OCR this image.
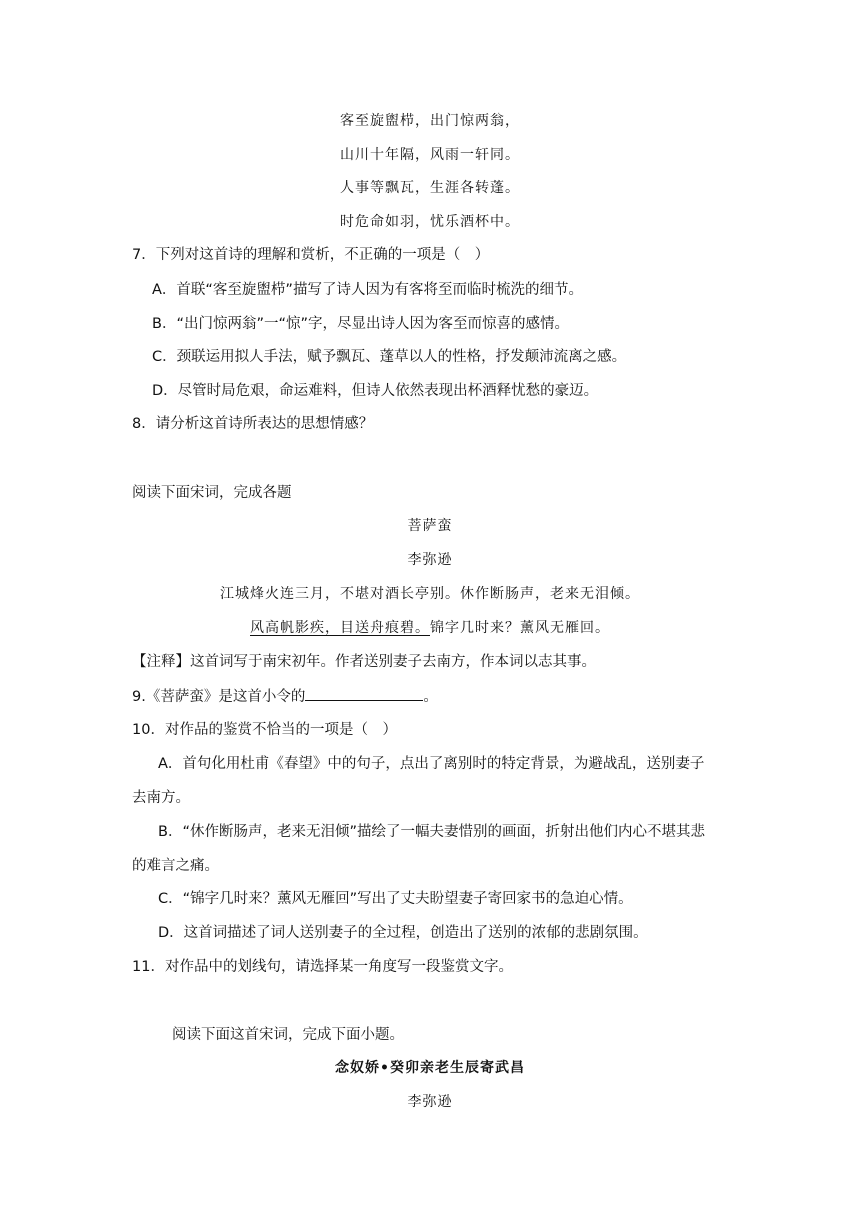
客至旋盥栉，出门惊两翁，
山川十年隔，风雨一轩同。
人事等飘瓦，生涯各转蓬。
时危命如羽，忧乐酒杯中。
7．下列对这首诗的理解和赏析，不正确的一项是（　）
A．首联“客至旋盥栉”描写了诗人因为有客将至而临时梳洗的细节。
B．“出门惊两翁”一“惊”字，尽显出诗人因为客至而惊喜的感情。
C．颈联运用拟人手法，赋予飘瓦、蓬草以人的性格，抒发颠沛流离之感。
D．尽管时局危艰，命运难料，但诗人依然表现出杯酒释忧愁的豪迈。
8．请分析这首诗所表达的思想情感？
阅读下面宋词，完成各题
菩萨蛮
李弥逊
江城烽火连三月，不堪对酒长亭别。休作断肠声，老来无泪倾。
风高帆影疾，目送舟痕碧。锦字几时来？薰风无雁回。
【注释】这首词写于南宋初年。作者送别妻子去南方，作本词以志其事。
9.《菩萨蛮》是这首小令的	。
10．对作品的鉴赏不恰当的一项是（　）
A．首句化用杜甫《春望》中的句子，点出了离别时的特定背景，为避战乱，送别妻子
去南方。
B．“休作断肠声，老来无泪倾”描绘了一幅夫妻惜别的画面，折射出他们内心不堪其悲
的难言之痛。
C．“锦字几时来？薰风无雁回”写出了丈夫盼望妻子寄回家书的急迫心情。
D．这首词描述了词人送别妻子的全过程，创造出了送别的浓郁的悲剧氛围。
11．对作品中的划线句，请选择某一角度写一段鉴赏文字。
阅读下面这首宋词，完成下面小题。
念奴娇•癸卯亲老生辰寄武昌
李弥逊
